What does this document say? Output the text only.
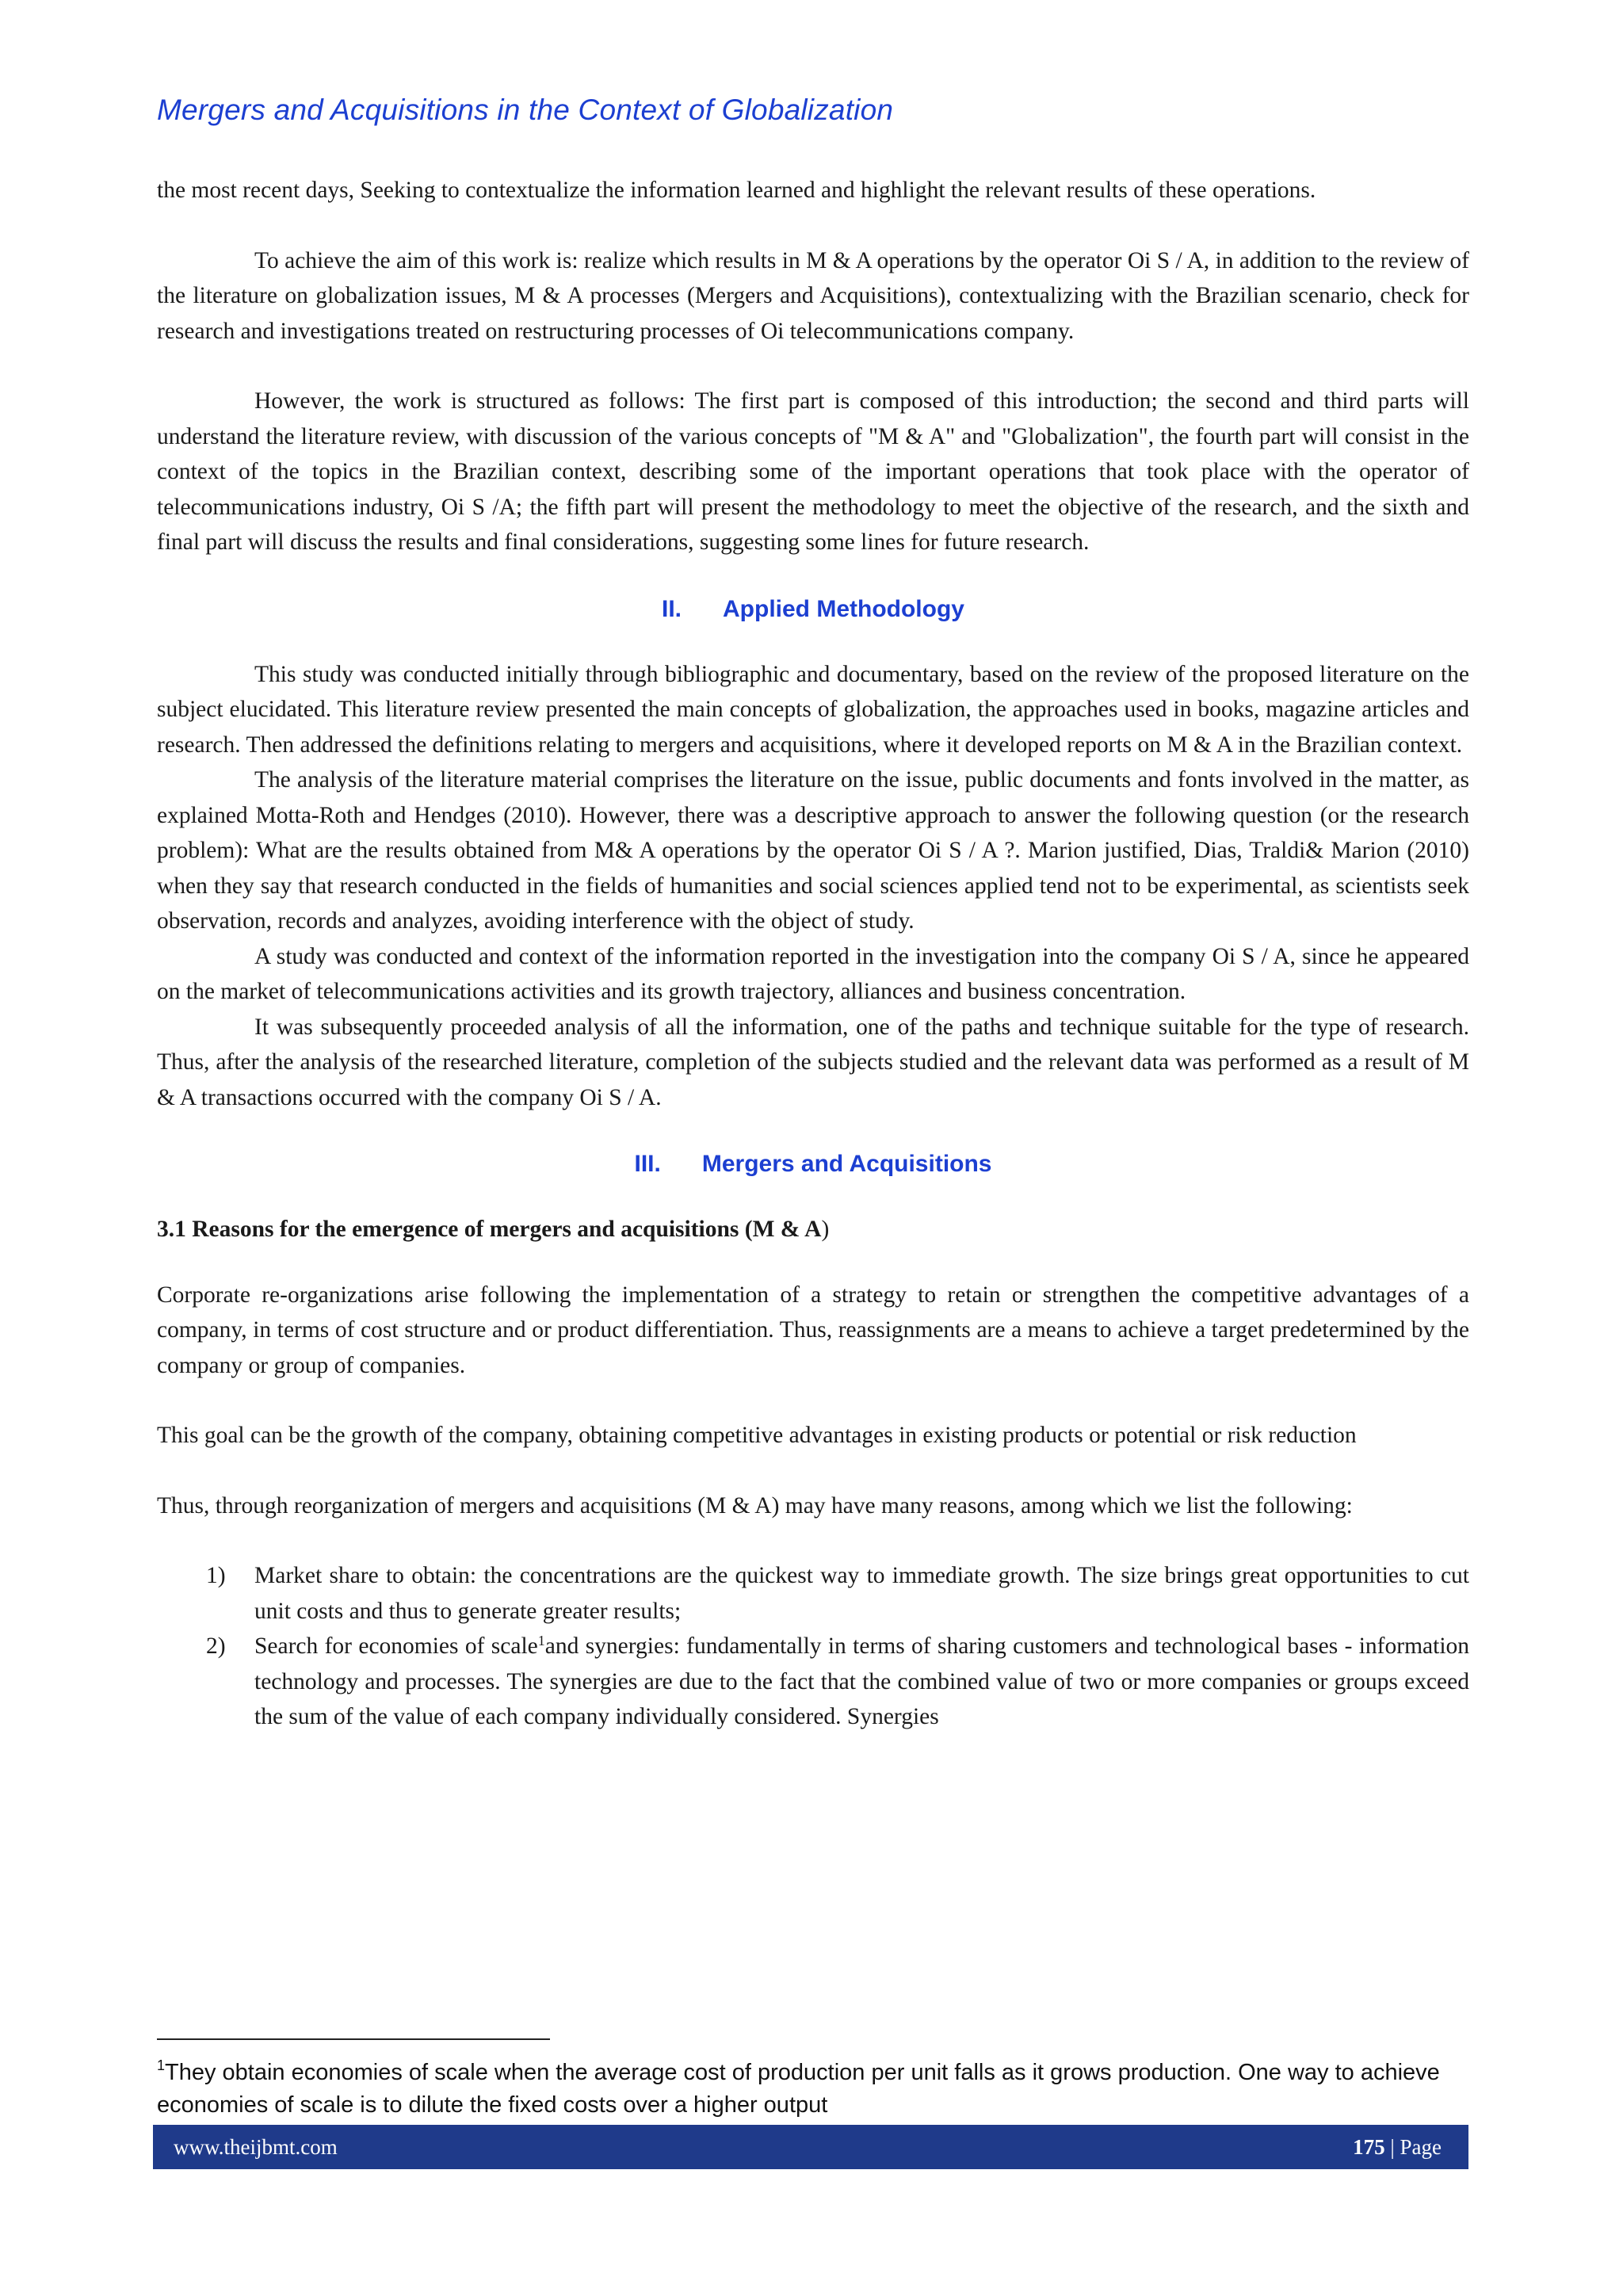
Mergers and Acquisitions in the Context of Globalization

the most recent days, Seeking to contextualize the information learned and highlight the relevant results of these operations.

To achieve the aim of this work is: realize which results in M & A operations by the operator Oi S / A, in addition to the review of the literature on globalization issues, M & A processes (Mergers and Acquisitions), contextualizing with the Brazilian scenario, check for research and investigations treated on restructuring processes of Oi telecommunications company.

However, the work is structured as follows: The first part is composed of this introduction; the second and third parts will understand the literature review, with discussion of the various concepts of "M & A" and "Globalization", the fourth part will consist in the context of the topics in the Brazilian context, describing some of the important operations that took place with the operator of telecommunications industry, Oi S /A; the fifth part will present the methodology to meet the objective of the research, and the sixth and final part will discuss the results and final considerations, suggesting some lines for future research.

II. Applied Methodology

This study was conducted initially through bibliographic and documentary, based on the review of the proposed literature on the subject elucidated. This literature review presented the main concepts of globalization, the approaches used in books, magazine articles and research. Then addressed the definitions relating to mergers and acquisitions, where it developed reports on M & A in the Brazilian context.

The analysis of the literature material comprises the literature on the issue, public documents and fonts involved in the matter, as explained Motta-Roth and Hendges (2010). However, there was a descriptive approach to answer the following question (or the research problem): What are the results obtained from M& A operations by the operator Oi S / A ?. Marion justified, Dias, Traldi& Marion (2010) when they say that research conducted in the fields of humanities and social sciences applied tend not to be experimental, as scientists seek observation, records and analyzes, avoiding interference with the object of study.

A study was conducted and context of the information reported in the investigation into the company Oi S / A, since he appeared on the market of telecommunications activities and its growth trajectory, alliances and business concentration.

It was subsequently proceeded analysis of all the information, one of the paths and technique suitable for the type of research. Thus, after the analysis of the researched literature, completion of the subjects studied and the relevant data was performed as a result of M & A transactions occurred with the company Oi S / A.

III. Mergers and Acquisitions

3.1 Reasons for the emergence of mergers and acquisitions (M & A)

Corporate re-organizations arise following the implementation of a strategy to retain or strengthen the competitive advantages of a company, in terms of cost structure and or product differentiation. Thus, reassignments are a means to achieve a target predetermined by the company or group of companies.

This goal can be the growth of the company, obtaining competitive advantages in existing products or potential or risk reduction

Thus, through reorganization of mergers and acquisitions (M & A) may have many reasons, among which we list the following:

1) Market share to obtain: the concentrations are the quickest way to immediate growth. The size brings great opportunities to cut unit costs and thus to generate greater results;
2) Search for economies of scale$^1$and synergies: fundamentally in terms of sharing customers and technological bases - information technology and processes. The synergies are due to the fact that the combined value of two or more companies or groups exceed the sum of the value of each company individually considered. Synergies
$^1$They obtain economies of scale when the average cost of production per unit falls as it grows production. One way to achieve economies of scale is to dilute the fixed costs over a higher output
www.theijbmt.com	175 | Page
